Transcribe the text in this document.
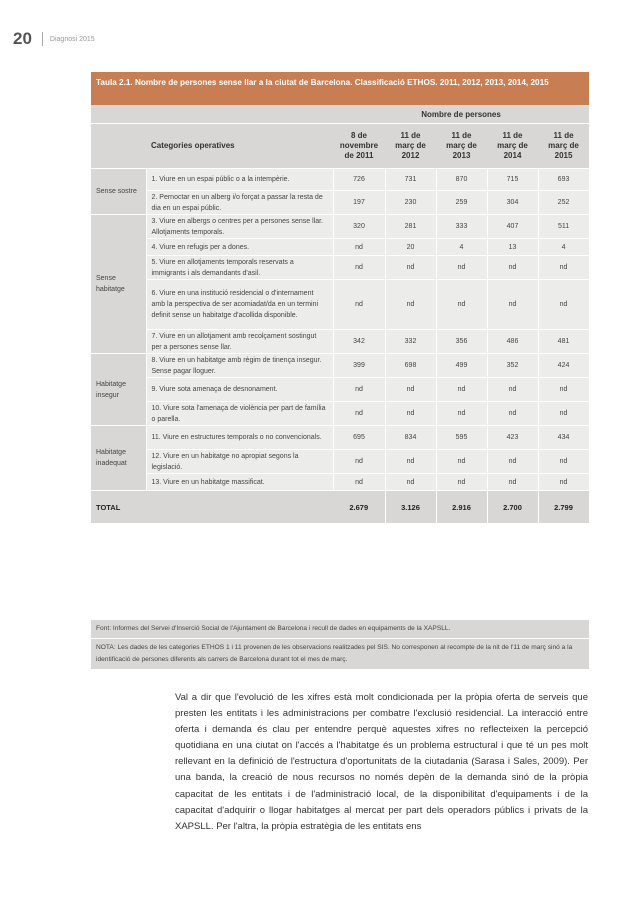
20	Diagnosi 2015
Taula 2.1. Nombre de persones sense llar a la ciutat de Barcelona. Classificació ETHOS. 2011, 2012, 2013, 2014, 2015
		Nombre de persones				
	Categories operatives	8 de novembre de 2011	11 de març de 2012	11 de març de 2013	11 de març de 2014	11 de març de 2015
Sense sostre	1. Viure en un espai públic o a la intempèrie.	726	731	870	715	693
	2. Pernoctar en un alberg i/o forçat a passar la resta de dia en un espai públic.	197	230	259	304	252
Sense habitatge	3. Viure en albergs o centres per a persones sense llar. Allotjaments temporals.	320	281	333	407	511
	4. Viure en refugis per a dones.	nd	20	4	13	4
	5. Viure en allotjaments temporals reservats a immigrants i als demandants d'asil.	nd	nd	nd	nd	nd
	6. Viure en una institució residencial o d'internament amb la perspectiva de ser acomiadat/da en un termini definit sense un habitatge d'acollida disponible.	nd	nd	nd	nd	nd
	7. Viure en un allotjament amb recolçament sostingut per a persones sense llar.	342	332	356	486	481
Habitatge insegur	8. Viure en un habitatge amb règim de tinença insegur. Sense pagar lloguer.	399	698	499	352	424
	9. Viure sota amenaça de desnonament.	nd	nd	nd	nd	nd
	10. Viure sota l'amenaça de violència per part de família o parella.	nd	nd	nd	nd	nd
Habitatge inadequat	11. Viure en estructures temporals o no convencionals.	695	834	595	423	434
	12. Viure en un habitatge no apropiat segons la legislació.	nd	nd	nd	nd	nd
	13. Viure en un habitatge massificat.	nd	nd	nd	nd	nd
TOTAL		2.679	3.126	2.916	2.700	2.799
Font: Informes del Servei d'Inserció Social de l'Ajuntament de Barcelona i recull de dades en equipaments de la XAPSLL.
NOTA: Les dades de les categories ETHOS 1 i 11 provenen de les observacions realitzades pel SIS. No corresponen al recompte de la nit de l'11 de març sinó a la identificació de persones diferents als carrers de Barcelona durant tot el mes de març.
Val a dir que l'evolució de les xifres està molt condicionada per la pròpia oferta de serveis que presten les entitats i les administracions per combatre l'exclusió residencial. La interacció entre oferta i demanda és clau per entendre perquè aquestes xifres no reflecteixen la percepció quotidiana en una ciutat on l'accés a l'habitatge és un problema estructural i que té un pes molt rellevant en la definició de l'estructura d'oportunitats de la ciutadania (Sarasa i Sales, 2009). Per una banda, la creació de nous recursos no només depèn de la demanda sinó de la pròpia capacitat de les entitats i de l'administració local, de la disponibilitat d'equipaments i de la capacitat d'adquirir o llogar habitatges al mercat per part dels operadors públics i privats de la XAPSLL. Per l'altra, la pròpia estratègia de les entitats ens
